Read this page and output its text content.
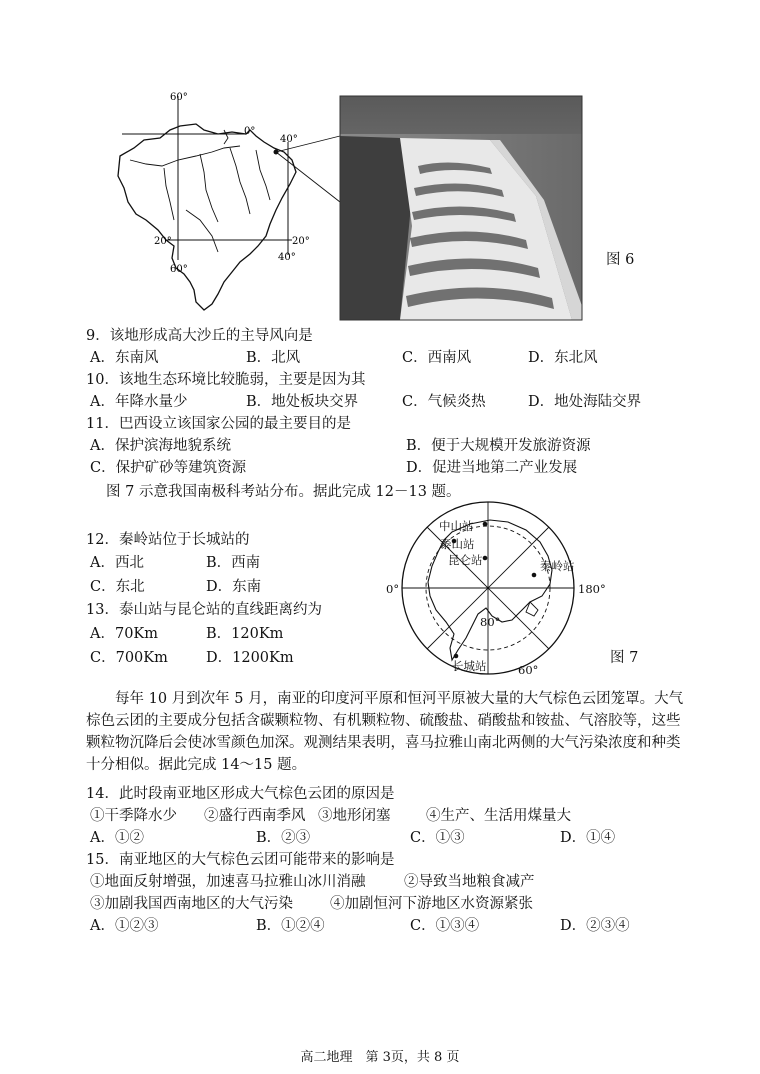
60°
0°
40°
20°	20°
60°
40°	图 6
9．该地形成高大沙丘的主导风向是
A．东南风	B．北风	C．西南风	D．东北风
10．该地生态环境比较脆弱，主要是因为其
A．年降水量少	B．地处板块交界	C．气候炎热	D．地处海陆交界
11．巴西设立该国家公园的最主要目的是
A．保护滨海地貌系统	B．便于大规模开发旅游资源
C．保护矿砂等建筑资源	D．促进当地第二产业发展
图 7 示意我国南极科考站分布。据此完成 12－13 题。
中山站
泰山站
昆仑站	秦岭站
长城站
0°	180°
80°
60°
图 7
12．秦岭站位于长城站的
A．西北	B．西南
C．东北	D．东南
13．泰山站与昆仑站的直线距离约为
A．70Km	B．120Km
C．700Km	D．1200Km
每年 10 月到次年 5 月，南亚的印度河平原和恒河平原被大量的大气棕色云团笼罩。大气棕色云团的主要成分包括含碳颗粒物、有机颗粒物、硫酸盐、硝酸盐和铵盐、气溶胶等，这些颗粒物沉降后会使冰雪颜色加深。观测结果表明，喜马拉雅山南北两侧的大气污染浓度和种类十分相似。据此完成 14～15 题。
14．此时段南亚地区形成大气棕色云团的原因是
①干季降水少 ②盛行西南季风 ③地形闭塞 ④生产、生活用煤量大
A．①②	B．②③	C．①③	D．①④
15．南亚地区的大气棕色云团可能带来的影响是
①地面反射增强，加速喜马拉雅山冰川消融	②导致当地粮食减产
③加剧我国西南地区的大气污染	④加剧恒河下游地区水资源紧张
A．①②③	B．①②④	C．①③④	D．②③④
高二地理　第 3页，共 8 页
